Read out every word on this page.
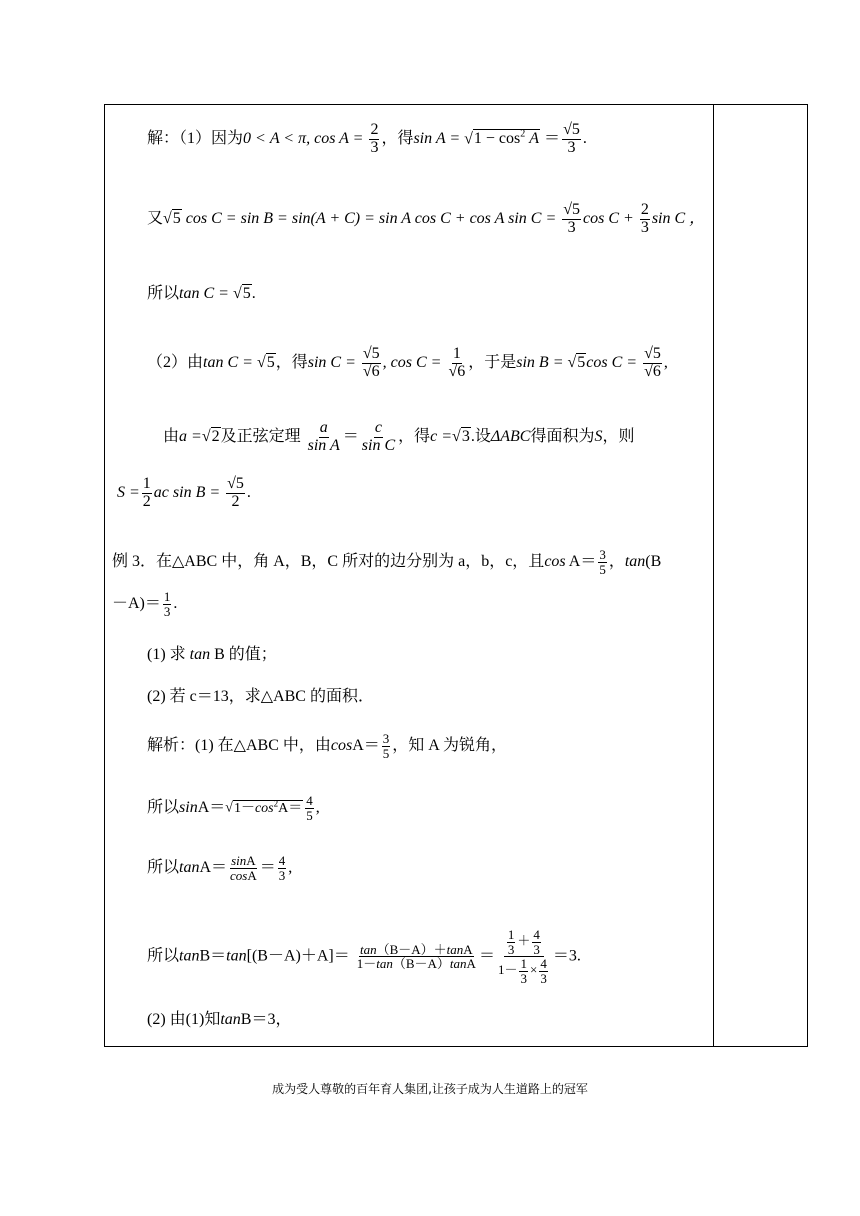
解：（1）因为0 < A < π, $\cos A = \frac{2}{3}$ ，得$\sin A = √1 - \cos^2 A = \frac{√5}{3}$ .
又√5 cos C = sin B = sin(A + C) = sin A cos C + cos A $\sin C = \frac{√5}{3}$ $\cos C + \frac{2}{3}$ sin C ，
所以tan C = √5.
（2）由tan C = √5，得$\sin C = \frac{√5}{√6}$ , $\cos C = \frac{1}{√6}$ ，于是sin B = √5cos $C = \frac{√5}{√6}$ ,
由a =√2及正弦定理 $\frac{a}{\text{sin A}} = \frac{c}{\text{sin C}}$ ，得c =√3.设ΔABC得面积为S，则
$S = \frac{1}{2}$ ac $\sin B = \frac{√5}{2}$ .
例 3．在△ABC 中，角 A，B，C 所对的边分别为 a，b，c，且$\cos A= \frac{3}{5}$ ，tan(B
$-A)= \frac{1}{3}$ .
(1) 求 tan B 的值；
(2) 若 c＝13，求△ABC 的面积．
解析：(1) 在△ABC 中，由$\cos A= \frac{3}{5}$ ，知 A 为锐角，
所以$\sin A=√1-\cos^2A= \frac{4}{5}$ ,
所以$\tan A= \frac{\sin A}{\cos A} = \frac{4}{3}$ ,
所以$\tan B=\tan[(B-A)+A]= \frac{\tan(B-A)+\tan A}{1-\tan(B-A)\tan A} = \frac{\frac{1}{3} + \frac{4}{3}}{1- \frac{1}{3} \times \frac{4}{3}} =3$.
(2) 由(1)知tanB＝3，
成为受人尊敬的百年育人集团,让孩子成为人生道路上的冠军
